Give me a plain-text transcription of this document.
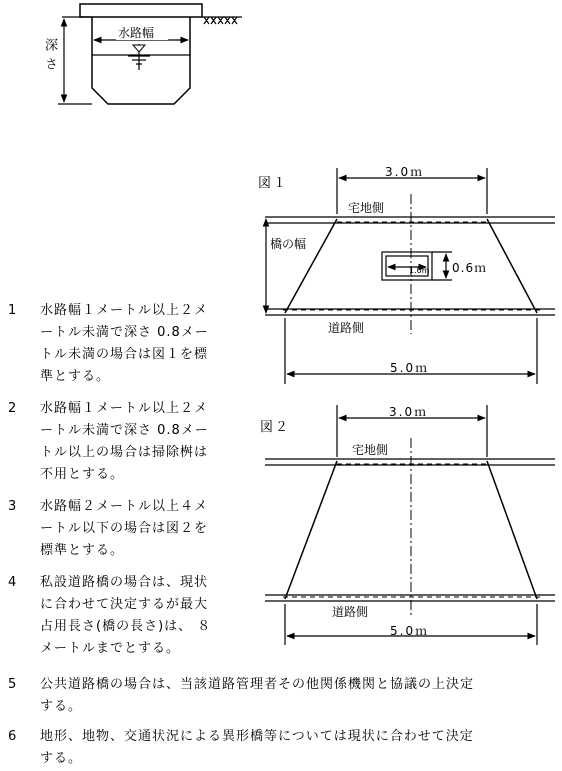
水路幅
深さ
図１
3.0ｍ
宅地側
橋の幅
1.0m 0.6ｍ
道路側
5.0ｍ
図２
3.0ｍ
宅地側
道路側
5.0ｍ
1 水路幅１メートル以上２メ
ートル未満で深さ 0.8メー
トル未満の場合は図１を標
準とする。
2 水路幅１メートル以上２メ
ートル未満で深さ 0.8メー
トル以上の場合は掃除桝は
不用とする。
3 水路幅２メートル以上４メ
ートル以下の場合は図２を
標準とする。
4 私設道路橋の場合は、現状
に合わせて決定するが最大
占用長さ(橋の長さ)は、 ８
メートルまでとする。
5 公共道路橋の場合は、当該道路管理者その他関係機関と協議の上決定
する。
6 地形、地物、交通状況による異形橋等については現状に合わせて決定
する。
